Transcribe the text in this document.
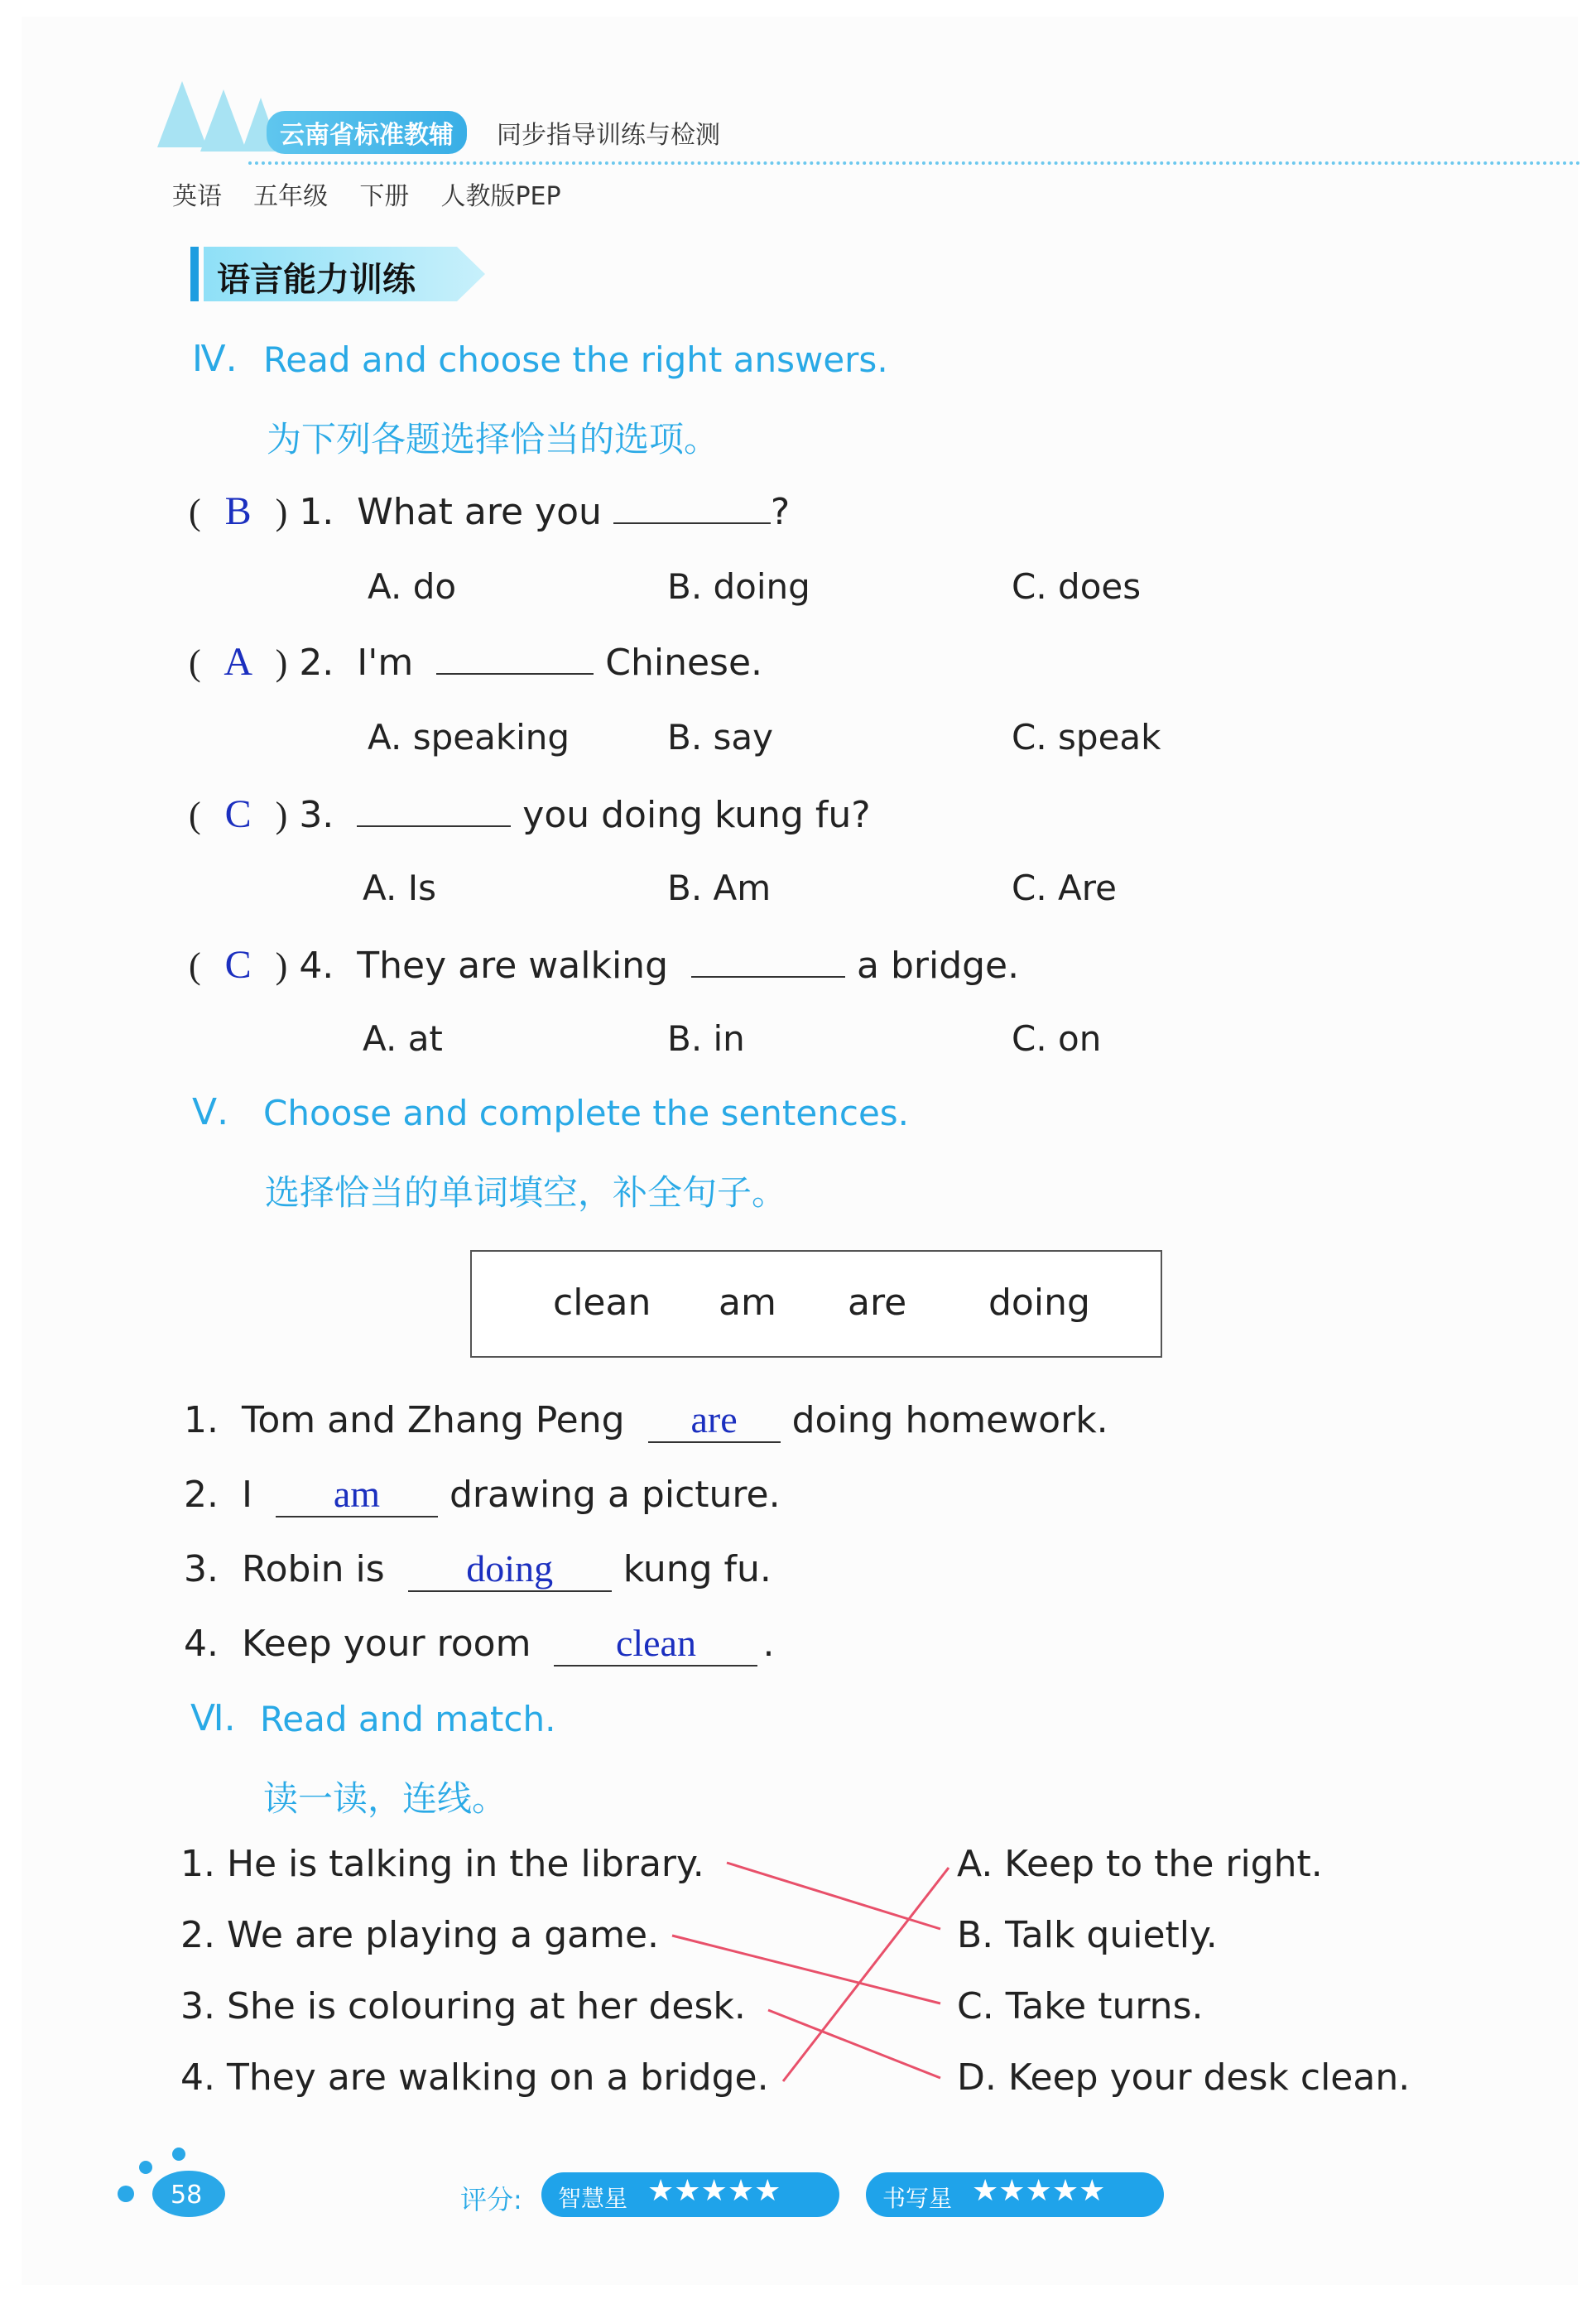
云南省标准教辅	同步指导训练与检测
英语 五年级 下册 人教版PEP
语言能力训练
Ⅳ. Read and choose the right answers.
为下列各题选择恰当的选项。
( B ) 1. What are you	?
A. do	B. doing	C. does
( A ) 2. I'm	Chinese.
A. speaking	B. say	C. speak
( C ) 3.	you doing kung fu?
A. Is	B. Am	C. Are
( C ) 4. They are walking	a bridge.
A. at	B. in	C. on
Ⅴ. Choose and complete the sentences.
选择恰当的单词填空，补全句子。
clean am are doing
1. Tom and Zhang Peng are doing homework.
2. I am drawing a picture.
3. Robin is doing kung fu.
4. Keep your room clean .
Ⅵ. Read and match.
读一读，连线。
1. He is talking in the library.
2. We are playing a game.
3. She is colouring at her desk.
4. They are walking on a bridge.
A. Keep to the right.
B. Talk quietly.
C. Take turns.
D. Keep your desk clean.
58	评分: 智慧星 ★★★★★	书写星 ★★★★★
